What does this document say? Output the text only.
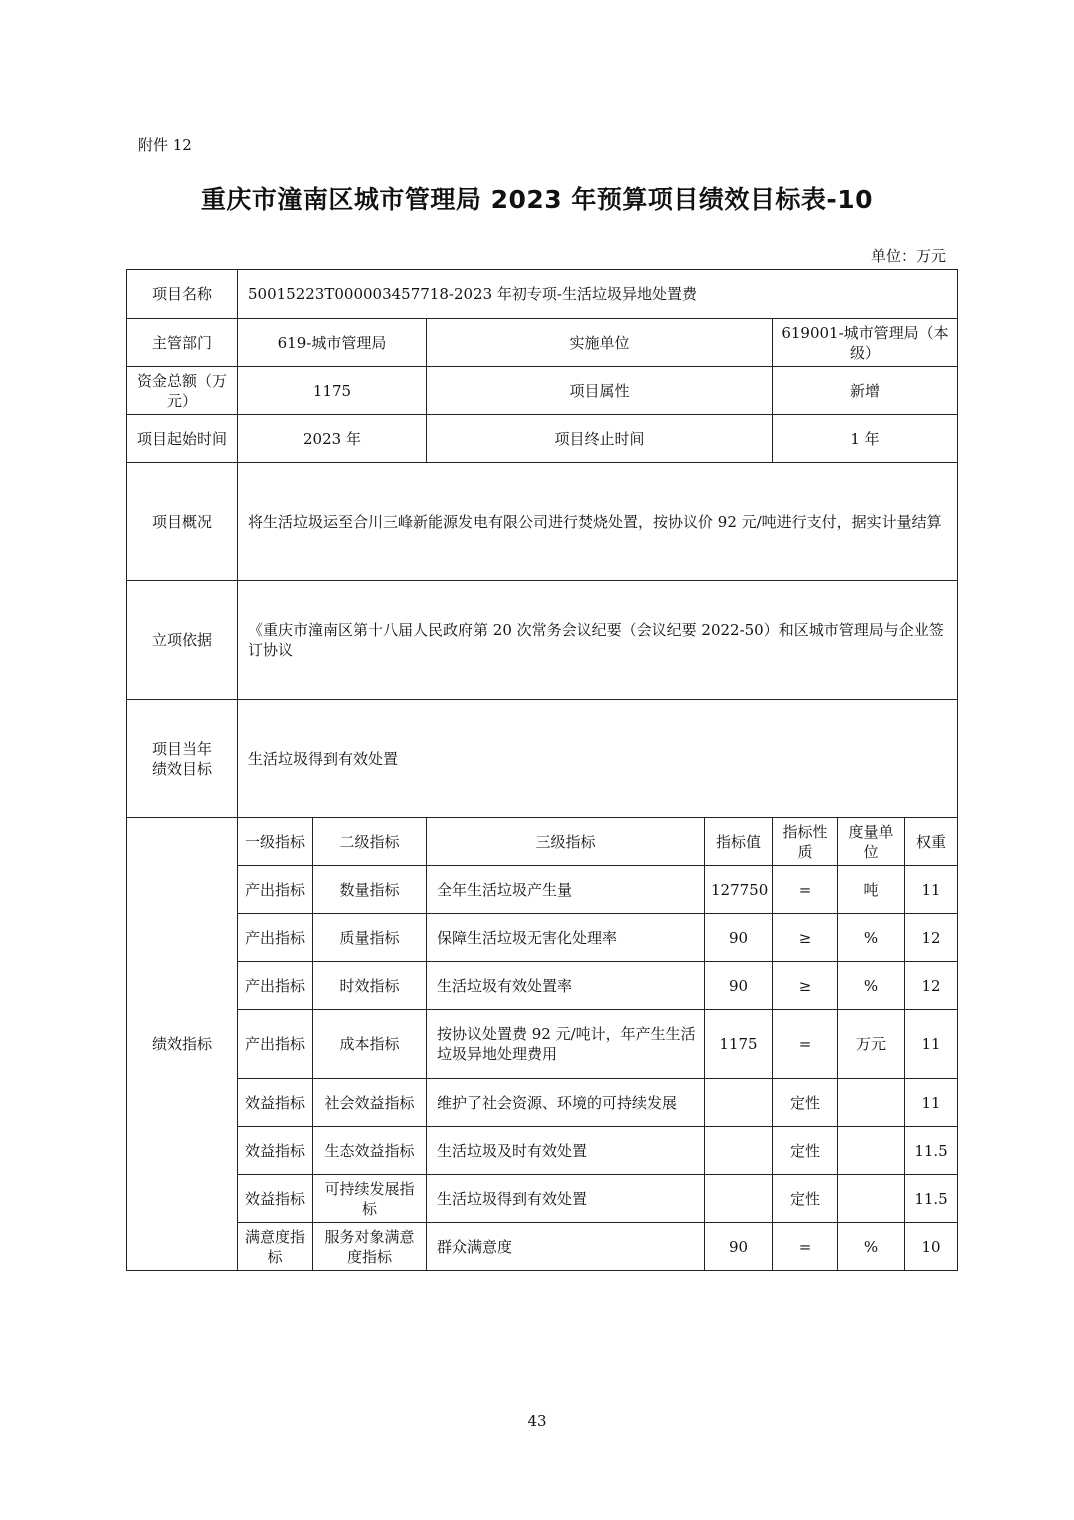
附件 12
重庆市潼南区城市管理局 2023 年预算项目绩效目标表-10
单位：万元
项目名称	50015223T000003457718-2023 年初专项-生活垃圾异地处置费						
主管部门	619-城市管理局		实施单位		619001-城市管理局（本级）		
资金总额（万元）	1175		项目属性		新增		
项目起始时间	2023 年		项目终止时间		1 年		
项目概况	将生活垃圾运至合川三峰新能源发电有限公司进行焚烧处置，按协议价 92 元/吨进行支付，据实计量结算						
立项依据	《重庆市潼南区第十八届人民政府第 20 次常务会议纪要（会议纪要 2022-50）和区城市管理局与企业签订协议						
项目当年绩效目标	生活垃圾得到有效处置						
绩效指标	一级指标	二级指标	三级指标	指标值	指标性质	度量单位	权重
	产出指标	数量指标	全年生活垃圾产生量	127750	=	吨	11
	产出指标	质量指标	保障生活垃圾无害化处理率	90	≥	%	12
	产出指标	时效指标	生活垃圾有效处置率	90	≥	%	12
	产出指标	成本指标	按协议处置费 92 元/吨计，年产生生活垃圾异地处理费用	1175	=	万元	11
	效益指标	社会效益指标	维护了社会资源、环境的可持续发展		定性		11
	效益指标	生态效益指标	生活垃圾及时有效处置		定性		11.5
	效益指标	可持续发展指标	生活垃圾得到有效处置		定性		11.5
	满意度指标	服务对象满意度指标	群众满意度	90	=	%	10
43
